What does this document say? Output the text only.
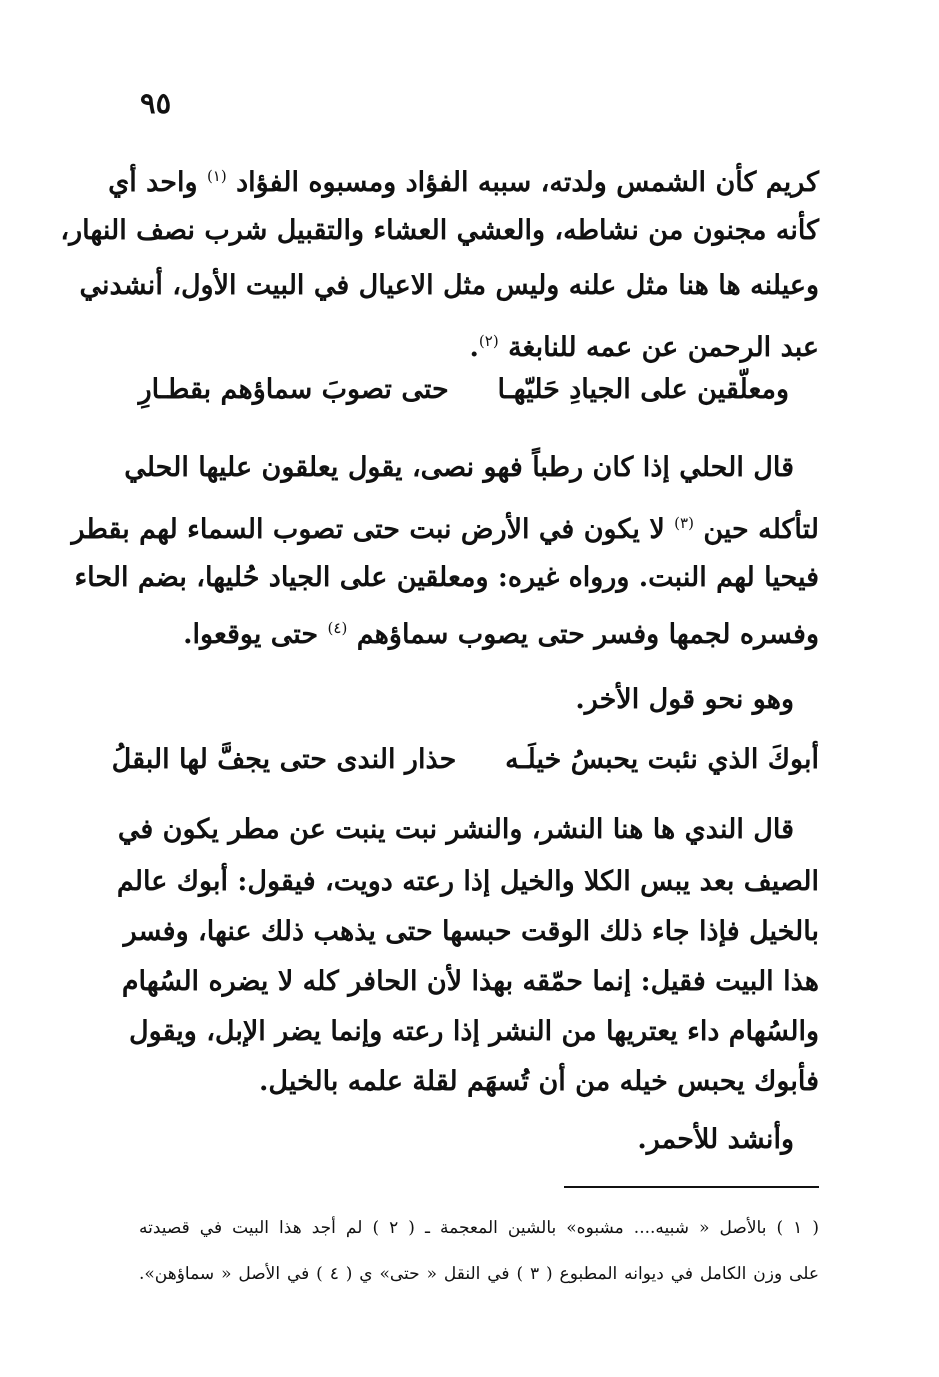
٩٥
كريم كأن الشمس ولدته، سببه الفؤاد ومسبوه الفؤاد $^{(١)}$ واحد أي
كأنه مجنون من نشاطه، والعشي العشاء والتقبيل شرب نصف النهار،
وعيلنه ها هنا مثل علنه وليس مثل الاعيال في البيت الأول، أنشدني
عبد الرحمن عن عمه للنابغة $^{(٢)}$.
ومعلّقين على الجيادِ حَليّهـا  حتى تصوبَ سماؤهم بقطـارِ
قال الحلي إذا كان رطباً فهو نصى، يقول يعلقون عليها الحلي
لتأكله حين $^{(٣)}$ لا يكون في الأرض نبت حتى تصوب السماء لهم بقطر
فيحيا لهم النبت. ورواه غيره: ومعلقين على الجياد حُليها، بضم الحاء
وفسره لجمها وفسر حتى يصوب سماؤهم $^{(٤)}$ حتى يوقعوا.
وهو نحو قول الأخر.
أبوكَ الذي نئبت يحبسُ خيلَـه  حذار الندى حتى يجفَّ لها البقلُ
قال الندي ها هنا النشر، والنشر نبت ينبت عن مطر يكون في
الصيف بعد يبس الكلا والخيل إذا رعته دويت، فيقول: أبوك عالم
بالخيل فإذا جاء ذلك الوقت حبسها حتى يذهب ذلك عنها، وفسر
هذا البيت فقيل: إنما حمّقه بهذا لأن الحافر كله لا يضره السُهام
والسُهام داء يعتريها من النشر إذا رعته وإنما يضر الإبل، ويقول
فأبوك يحبس خيله من أن تُسهَم لقلة علمه بالخيل.
وأنشد للأحمر.
( ١ ) بالأصل « شبيه.... مشبوه» بالشين المعجمة ـ ( ٢ ) لم أجد هذا البيت في قصيدته
على وزن الكامل في ديوانه المطبوع ( ٣ ) في النقل « حتى» ي ( ٤ ) في الأصل « سماؤهن».
